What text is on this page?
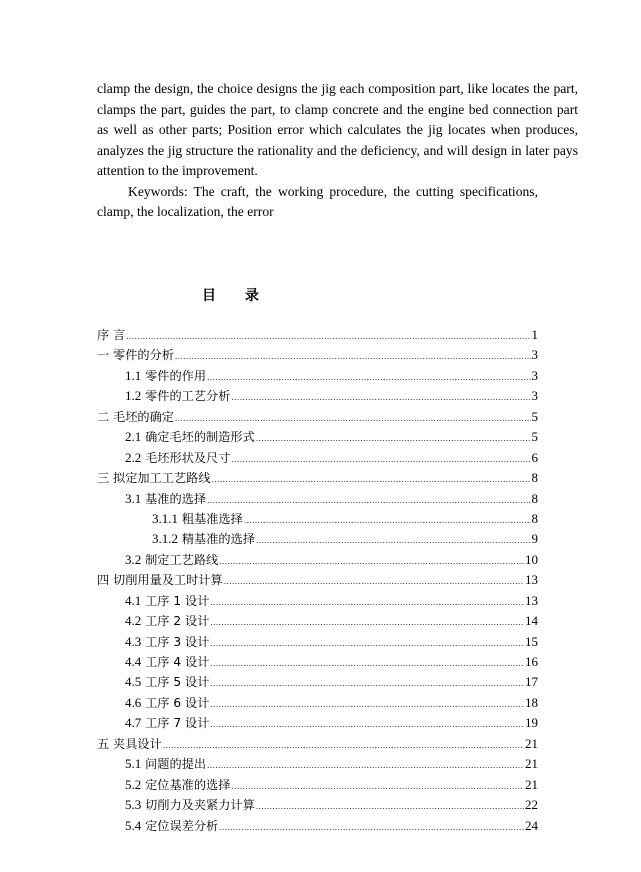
clamp the design, the choice designs the jig each composition part, like locates the part, clamps the part, guides the part, to clamp concrete and the engine bed connection part as well as other parts; Position error which calculates the jig locates when produces, analyzes the jig structure the rationality and the deficiency, and will design in later pays attention to the improvement.

Keywords: The craft, the working procedure, the cutting specifications, clamp, the localization, the error

目 录
序 言 .....	1
一 零件的分析 .....	3
1.1 零件的作用 .....	3
1.2 零件的工艺分析 .....	3
二 毛坯的确定 .....	5
2.1 确定毛坯的制造形式 .....	5
2.2 毛坯形状及尺寸 .....	6
三 拟定加工工艺路线 .....	8
3.1 基准的选择 .....	8
3.1.1 粗基准选择 .....	8
3.1.2 精基准的选择 .....	9
3.2 制定工艺路线 .....	10
四 切削用量及工时计算 .....	13
4.1 工序 1 设计 .....	13
4.2 工序 2 设计 .....	14
4.3 工序 3 设计 .....	15
4.4 工序 4 设计 .....	16
4.5 工序 5 设计 .....	17
4.6 工序 6 设计 .....	18
4.7 工序 7 设计 .....	19
五 夹具设计 .....	21
5.1 问题的提出 .....	21
5.2 定位基准的选择 .....	21
5.3 切削力及夹紧力计算 .....	22
5.4 定位误差分析 .....	24
